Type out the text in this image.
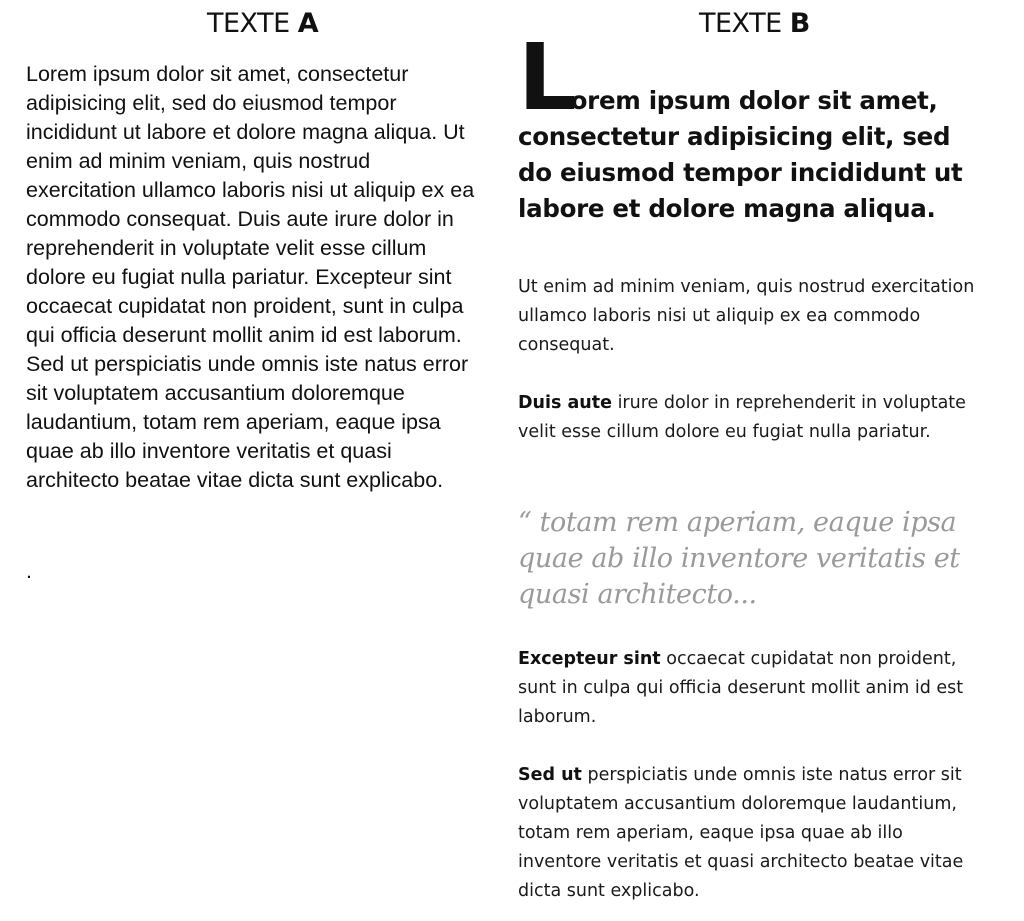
TEXTE A

Lorem ipsum dolor sit amet, consectetur adipisicing elit, sed do eiusmod tempor incididunt ut labore et dolore magna aliqua. Ut enim ad minim veniam, quis nostrud exercitation ullamco laboris nisi ut aliquip ex ea commodo consequat. Duis aute irure dolor in reprehenderit in voluptate velit esse cillum dolore eu fugiat nulla pariatur. Excepteur sint occaecat cupidatat non proident, sunt in culpa qui officia deserunt mollit anim id est laborum. Sed ut perspiciatis unde omnis iste natus error sit voluptatem accusantium doloremque laudantium, totam rem aperiam, eaque ipsa quae ab illo inventore veritatis et quasi architecto beatae vitae dicta sunt explicabo.

.

TEXTE B
Lorem ipsum dolor sit amet,
consectetur adipisicing elit, sed do eiusmod tempor incididunt ut labore et dolore magna aliqua.

Ut enim ad minim veniam, quis nostrud exercitation ullamco laboris nisi ut aliquip ex ea commodo consequat.

Duis aute irure dolor in reprehenderit in voluptate velit esse cillum dolore eu fugiat nulla pariatur.

“ totam rem aperiam, eaque ipsa quae ab illo inventore veritatis et quasi architecto...

Excepteur sint occaecat cupidatat non proident, sunt in culpa qui officia deserunt mollit anim id est laborum.

Sed ut perspiciatis unde omnis iste natus error sit voluptatem accusantium doloremque laudantium, totam rem aperiam, eaque ipsa quae ab illo inventore veritatis et quasi architecto beatae vitae dicta sunt explicabo.
